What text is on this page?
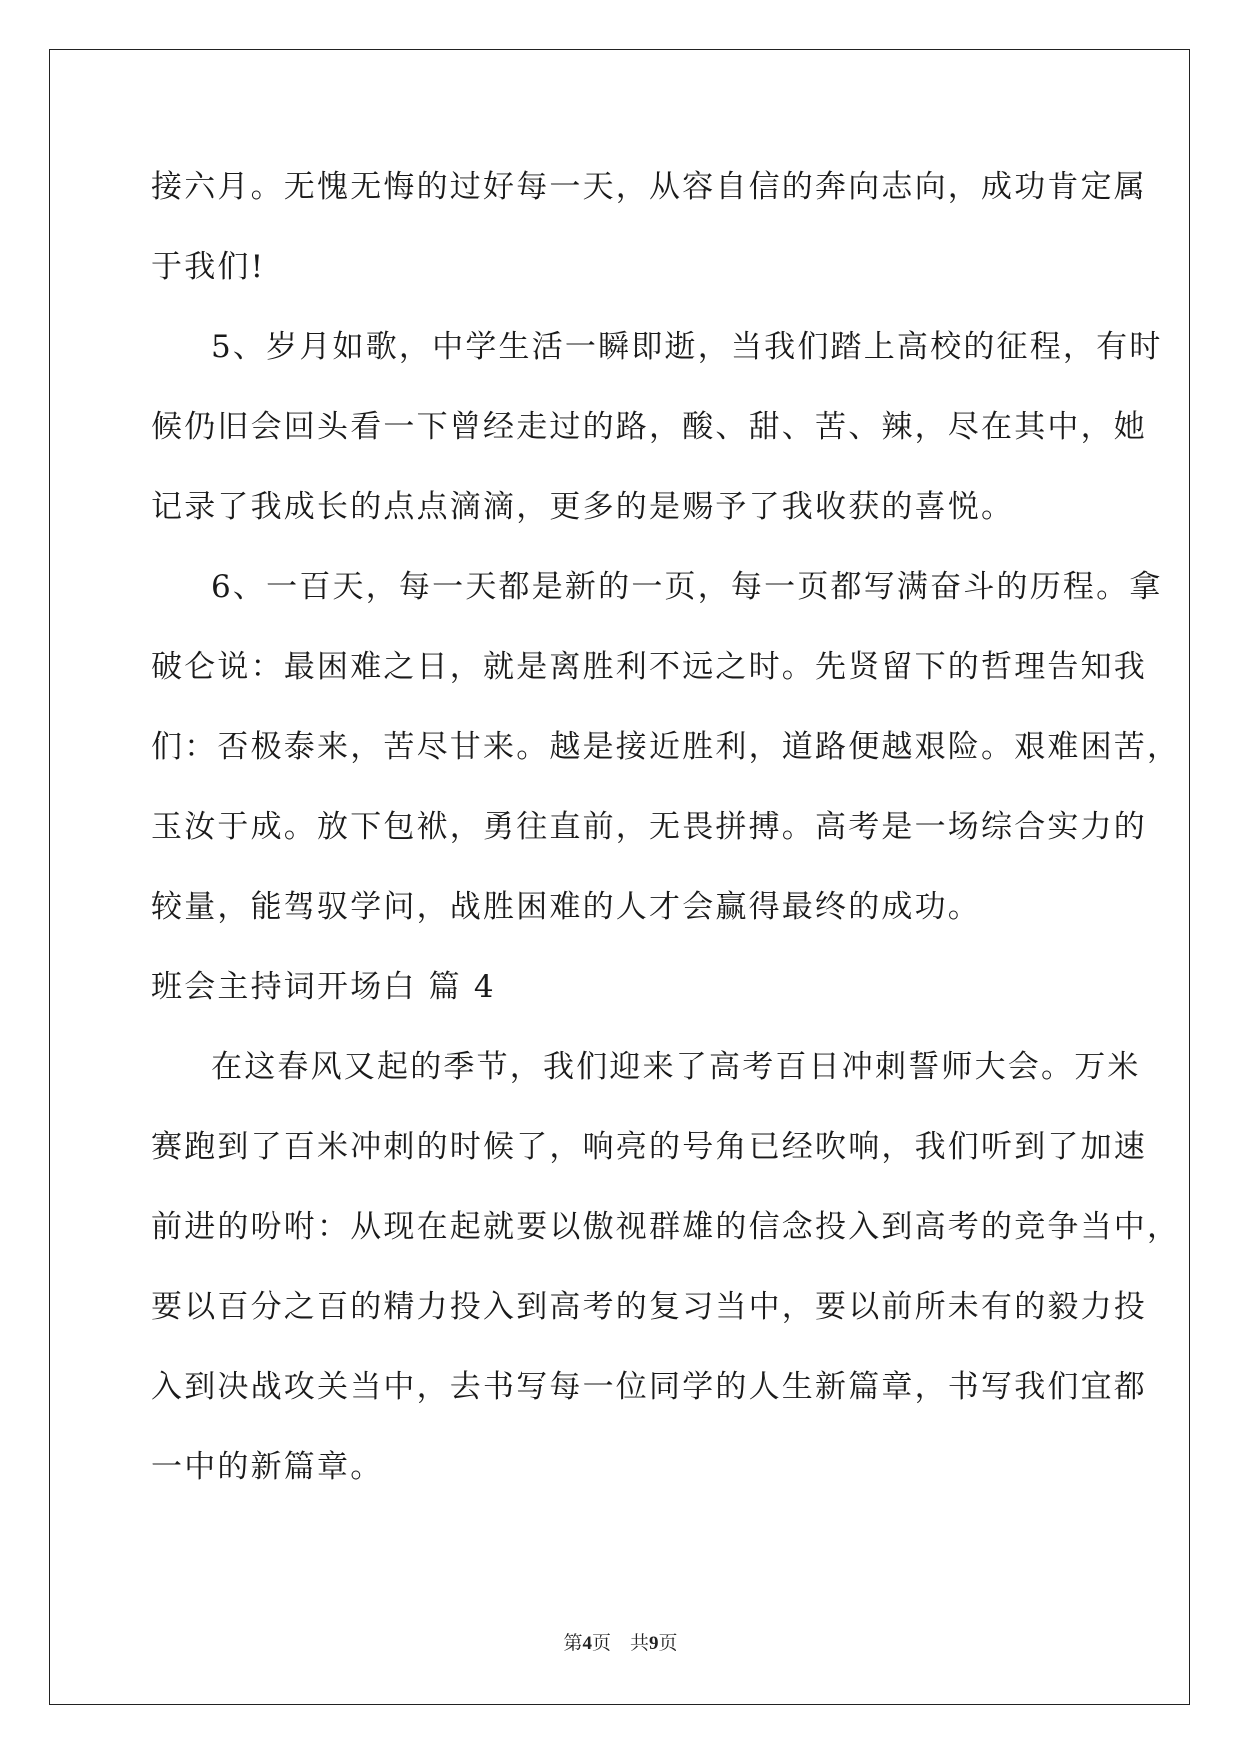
接六月。无愧无悔的过好每一天，从容自信的奔向志向，成功肯定属
于我们!
5、岁月如歌，中学生活一瞬即逝，当我们踏上高校的征程，有时
候仍旧会回头看一下曾经走过的路，酸、甜、苦、辣，尽在其中，她
记录了我成长的点点滴滴，更多的是赐予了我收获的喜悦。
6、一百天，每一天都是新的一页，每一页都写满奋斗的历程。拿
破仑说：最困难之日，就是离胜利不远之时。先贤留下的哲理告知我
们：否极泰来，苦尽甘来。越是接近胜利，道路便越艰险。艰难困苦，
玉汝于成。放下包袱，勇往直前，无畏拼搏。高考是一场综合实力的
较量，能驾驭学问，战胜困难的人才会赢得最终的成功。
班会主持词开场白 篇 4
在这春风又起的季节，我们迎来了高考百日冲刺誓师大会。万米
赛跑到了百米冲刺的时候了，响亮的号角已经吹响，我们听到了加速
前进的吩咐：从现在起就要以傲视群雄的信念投入到高考的竞争当中，
要以百分之百的精力投入到高考的复习当中，要以前所未有的毅力投
入到决战攻关当中，去书写每一位同学的人生新篇章，书写我们宜都
一中的新篇章。
第4页　共9页
